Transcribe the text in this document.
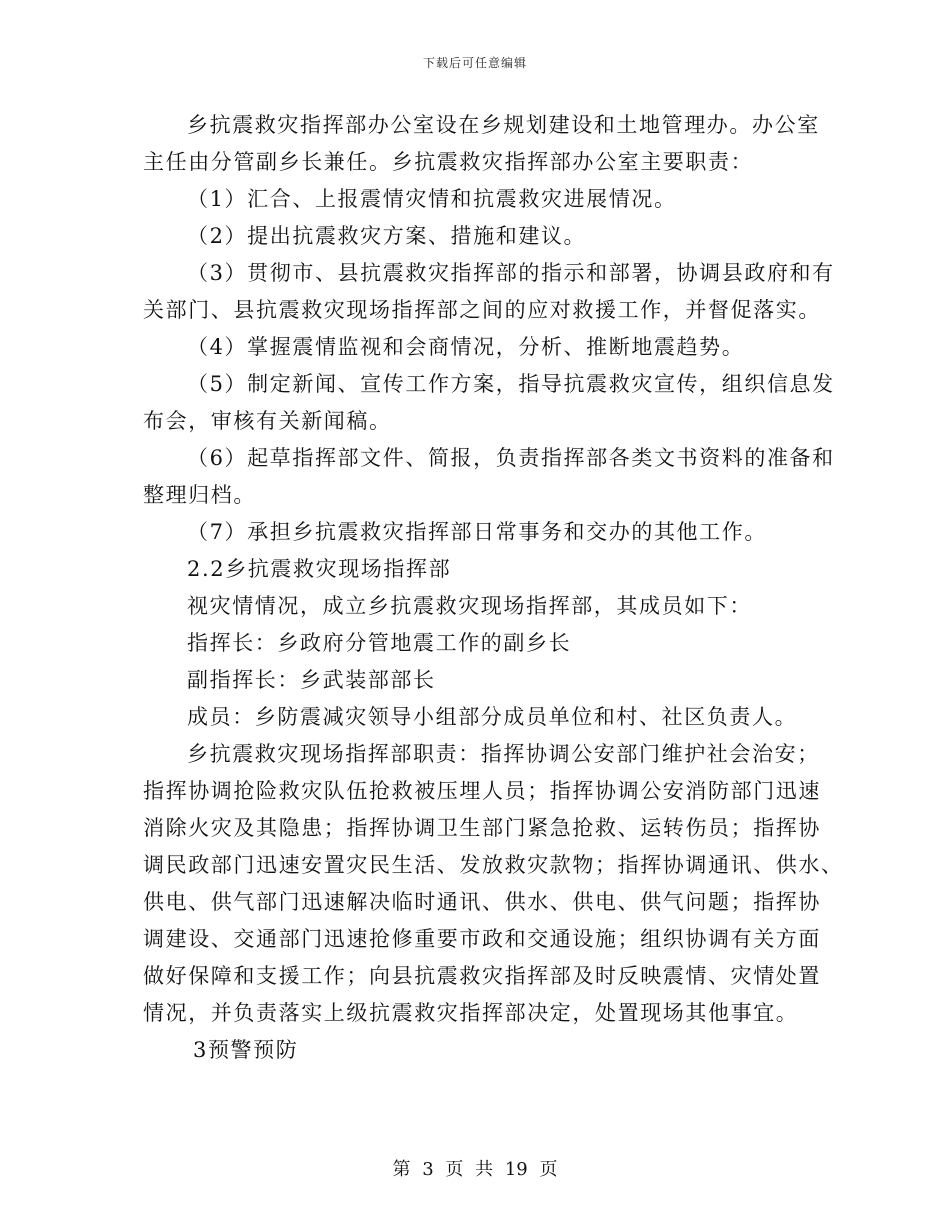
下载后可任意编辑
乡抗震救灾指挥部办公室设在乡规划建设和土地管理办。办公室
主任由分管副乡长兼任。乡抗震救灾指挥部办公室主要职责：
（1）汇合、上报震情灾情和抗震救灾进展情况。
（2）提出抗震救灾方案、措施和建议。
（3）贯彻市、县抗震救灾指挥部的指示和部署，协调县政府和有
关部门、县抗震救灾现场指挥部之间的应对救援工作，并督促落实。
（4）掌握震情监视和会商情况，分析、推断地震趋势。
（5）制定新闻、宣传工作方案，指导抗震救灾宣传，组织信息发
布会，审核有关新闻稿。
（6）起草指挥部文件、简报，负责指挥部各类文书资料的准备和
整理归档。
（7）承担乡抗震救灾指挥部日常事务和交办的其他工作。
2.2乡抗震救灾现场指挥部
视灾情情况，成立乡抗震救灾现场指挥部，其成员如下：
指挥长：乡政府分管地震工作的副乡长
副指挥长：乡武装部部长
成员：乡防震减灾领导小组部分成员单位和村、社区负责人。
乡抗震救灾现场指挥部职责：指挥协调公安部门维护社会治安；
指挥协调抢险救灾队伍抢救被压埋人员；指挥协调公安消防部门迅速
消除火灾及其隐患；指挥协调卫生部门紧急抢救、运转伤员；指挥协
调民政部门迅速安置灾民生活、发放救灾款物；指挥协调通讯、供水、
供电、供气部门迅速解决临时通讯、供水、供电、供气问题；指挥协
调建设、交通部门迅速抢修重要市政和交通设施；组织协调有关方面
做好保障和支援工作；向县抗震救灾指挥部及时反映震情、灾情处置
情况，并负责落实上级抗震救灾指挥部决定，处置现场其他事宜。
3预警预防
第 3 页 共 19 页
